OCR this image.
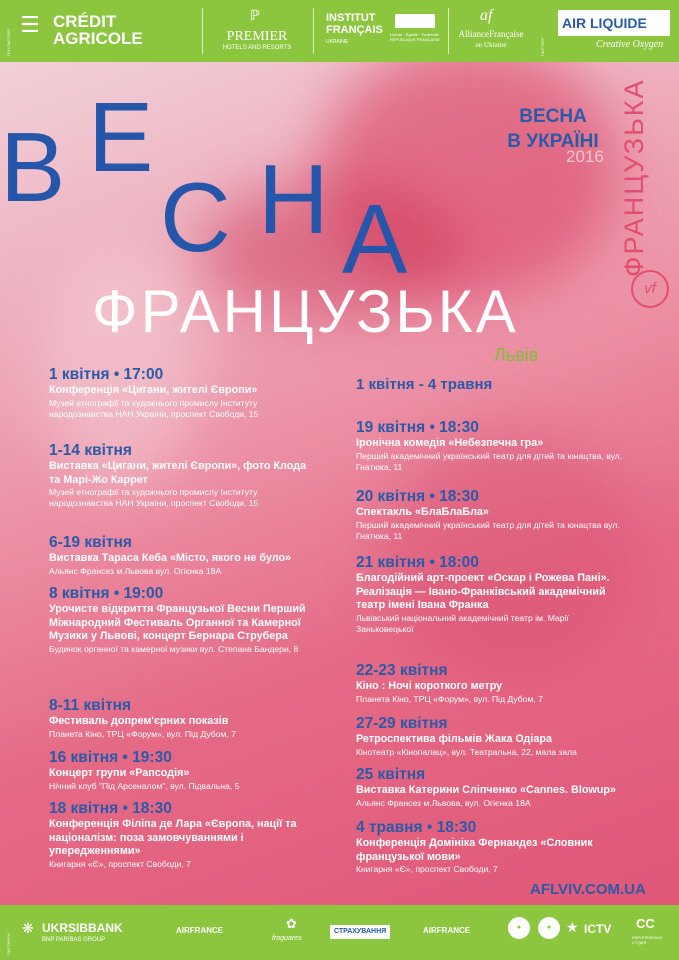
ГЕН.ПАРТНЕР
☰ CRÉDIT AGRICOLE
ℙ
PREMIER
HOTELS AND RESORTS
INSTITUT FRANÇAIS
UKRAINE
Liberté · Égalité · Fraternité RÉPUBLIQUE FRANÇAISE
af
AllianceFrançaise
en Ukraine	ПАРТНЕР
AIR LIQUIDE
Creative Oxygen
ВЕСНА
В УКРАЇНІ
2016 ФРАНЦУЗЬКА
vf
В Е
С Н А
ФРАНЦУЗЬКА
Львів
1 квітня - 4 травня
1 квітня • 17:00
Конференція «Цигани, жителі Європи»
Музей етнографії та художнього промислу Інституту народознавства НАН України, проспект Свободи, 15
1-14 квітня
Виставка «Цигани, жителі Європи», фото Клода та Марі-Жо Каррет
Музей етнографії та художнього промислу Інституту народознавства НАН України, проспект Свободи, 15
6-19 квітня
Виставка Тараса Кеба «Місто, якого не було»
Альянс Франсез м.Львова вул. Огієнка 18А
8 квітня • 19:00
Урочисте відкриття Французької Весни Перший Міжнародний Фестиваль Органної та Камерної Музики у Львові, концерт Бернара Струбера
Будинок органної та камерної музики вул. Степана Бандери, 8
8-11 квітня
Фестиваль допрем'єрних показів
Планета Кіно, ТРЦ «Форум», вул. Під Дубом, 7
16 квітня • 19:30
Концерт групи «Рапсодія»
Нічний клуб "Під Арсеналом", вул. Підвальна, 5
18 квітня • 18:30
Конференція Філіпа де Лара «Європа, нації та націоналізм: поза замовчуваннями і упередженнями»
Книгарня «Є», проспект Свободи, 7
19 квітня • 18:30
Іронічна комедія «Небезпечна гра»
Перший академічний український театр для дітей та юнацтва, вул. Гнатюка, 11
20 квітня • 18:30
Спектакль «БлаБлаБла»
Перший академічний український театр для дітей та юнацтва вул. Гнатюка, 11
21 квітня • 18:00
Благодійний арт-проект «Оскар і Рожева Пані». Реалізація — Івано-Франківський академічний театр імені Івана Франка
Львівський національний академічний театр ім. Марії Заньковецької
22-23 квітня
Кіно : Ночі короткого метру
Планета Кіно, ТРЦ «Форум», вул. Під Дубом, 7
27-29 квітня
Ретроспектива фільмів Жака Одіара
Кінотеатр «Кінопалац», вул. Театральна, 22, мала зала
25 квітня
Виставка Катерини Сліпченко «Cannes. Blowup»
Альянс Франсез м.Львова, вул. Огієнка 18А
4 травня • 18:30
Конференція Домініка Фернандез «Словник французької мови»
Книгарня «Є», проспект Свободи, 7
AFLVIV.COM.UA
ПАРТНЕРИ
❋ UKRSIBBANK
BNP PARIBAS GROUP
AIRFRANCE	✿
froguares
СТРАХУВАННЯ	AIRFRANCE	●	●	★ ICTV CC
ЄВРОПЕЙСЬКА СТУДІЯ
